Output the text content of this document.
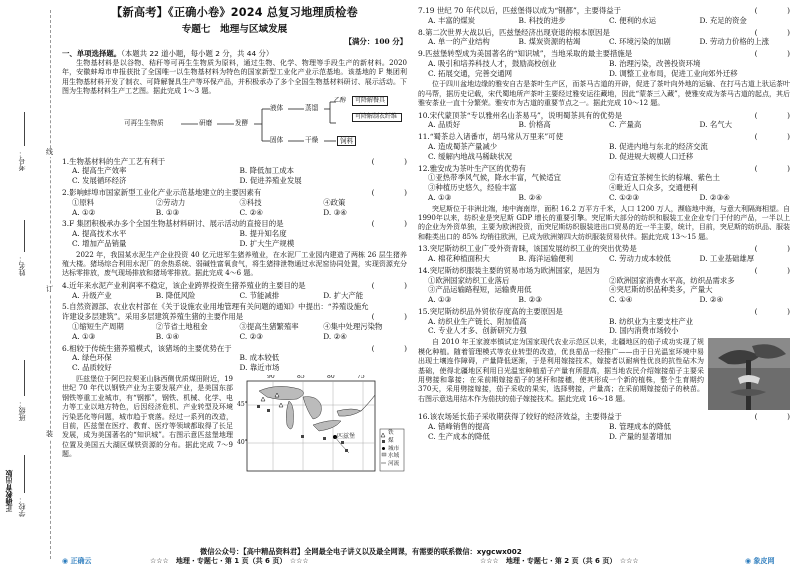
考号：
姓名：
班级：
学校：
正确教育出版
线
订
装
【新高考】《正确小卷》2024 总复习地理质检卷
专题七　地理与区域发展
【满分：100 分】
一、单项选择题。（本题共 22 道小题，每小题 2 分，共 44 分）
生物基材料是以谷物、秸秆等可再生生物质为原料，通过生物、化学、物理等手段生产的新材料。2020 年，安徽蚌埠市申报获批了全国唯一以生物基材料为特色的国家新型工业化产业示范基地。该基地的 F 集团利用生物基材料开发了制衣、可降解餐具生产等环保产品，并积极承办了多个全国生物基材料研讨、展示活动。下图为生物基材料生产工艺图。据此完成 1～3 题。
可再生生物质	研磨	发酵
液体	蒸馏
固体	干燥	饲料
乙醇	可降解餐具
可降解制衣纤维
1.生物基材料的生产工艺有利于	(　　　　)
A. 提高生产效率	B. 降低加工成本
C. 发展循环经济	D. 促进养殖业发展
2.影响蚌埠市国家新型工业化产业示范基地建立的主要因素有	(　　　　)
①原料	②劳动力	③科技	④政策
A. ①②	B. ①③	C. ②④	D. ③④
3.F 集团积极承办多个全国生物基材料研讨、展示活动的直接目的是	(　　　　)
A. 提高技术水平	B. 提升知名度
C. 增加产品销量	D. 扩大生产规模
2022 年，我国某水泥生产企业投资 40 亿元进军生猪养殖业，在水泥厂工业园内建造了两栋 26 层生猪养殖大楼。猪场综合利用水泥厂的余热系统、弱碱性富氧食气，将生猪排泄物通过水泥窑协同处置，实现资源充分达标零排放，废气现场排放和猪场零排放。据此完成 4～6 题。
4.近年来水泥产业利润率不稳定，该企业跨界投资生猪养殖业的主要目的是	(　　　　)
A. 升级产业	B. 降低风险	C. 节能减排	D. 扩大产能
5.自然资源部、农业农村部在《关于设施农业用地管理有关问题的通知》中提出：“养殖设施允许建设多层建筑”。采用多层建筑养殖生猪的主要作用是	(　　　　)
①缩短生产周期	②节省土地租金	③提高生猪繁殖率	④集中处理污染物
A. ①③	B. ①④	C. ②③	D. ②④
6.相较于传统生猪养殖模式，该猪场的主要优势在于	(　　　　)
A. 绿色环保	B. 成本较低
C. 品质较好	D. 靠近市场
90°	85°	80°	75°
45°
40°
匹兹堡	铁
煤
城市
水域
河流
匹兹堡位于阿巴拉契亚山脉西侧优质煤田附近，19 世纪 70 年代以钢铁产业为主要发展产业，是美国东部钢铁等重工业城市，有“钢都”，钢铁、机械、化学、电力等工业以地方特色，后因经济危机、产业转型及环境污染恶化等问题，城市趋于衰落。经过一系列的改造，目前，匹兹堡在医疗、教育、医疗等领域都取得了长足发展，成为美国著名的“知识城”。右图示意匹兹堡地理位置及美国五大湖区煤铁资源的分布。据此完成 7～9 题。
7.19 世纪 70 年代以后，匹兹堡得以成为“钢都”，主要得益于	(　　　　)
A. 丰富的煤炭	B. 科技的进步	C. 便利的水运	D. 充足的资金
8.第二次世界大战以后，匹兹堡经济出现衰退的根本原因是	(　　　　)
A. 单一的产业结构	B. 煤炭资源的枯竭	C. 环境污染的加剧	D. 劳动力价格的上涨
9.匹兹堡转型成为美国著名的“知识城”，当地采取的最主要措施是	(　　　　)
A. 吸引和培养科技人才，鼓励高校创业	B. 治理污染，改善投资环境
C. 拓展交通，完善交通网	D. 调整工业布局，促进工业向郊外迁移
位于四川盆地边缘的雅安自古是茶叶生产区，而茶马古道的开辟，促进了茶叶向外地的运输、在打马古道上驮运茶叶的马帮，据历史记载，宋代蜀地所产茶叶主要经过雅安运往藏地，因此“蒙茶三入藏”，使雅安成为茶马古道的起点，其后雅安茶业一直十分繁荣。雅安市为古道的重要节点之一。据此完成 10～12 题。
10.宋代蒙顶茶“专以雅州名山茶易马”，说明蜀茶具有的优势是	(　　　　)
A. 品质好	B. 价格高	C. 产量高	D. 名气大
11.“蜀茶总入诸番市，胡马常从万里来”可使	(　　　　)
A. 造成蜀茶产量减少	B. 促进内地与东北的经济交流
C. 缓解内地战马稀缺状况	D. 促进规大规模人口迁移
12.雅安成为茶叶生产区的优势有	(　　　　)
①亚热带季风气候，降水丰富，气候适宜	②有适宜茶树生长的棕壤、紫色土
③种植历史悠久，经验丰富	④毗近人口众多，交通便利
A. ①③	B. ②④	C. ①②③	D. ②③④
突尼斯位于非洲北端，地中海南岸，面积 16.2 万平方千米，人口 1200 万人，濒临地中海，与意大利隔海相望。自1990年以来，纺织业是突尼斯 GDP 增长的重要引擎。突尼斯大部分的纺织和服装工业企业专门于付的产品，一半以上的企业为外资单独，主要为欧洲投资，而突尼斯纺织服装进出口贸易的近一半主要，统计，目前，突尼斯的纺织品、服装和鞋类出口的 85% 均销往欧洲，已成为欧洲第四大纺织服装贸易伙伴。据此完成 13～15 题。
13.突尼斯纺织工业广受外资青睐，该国发展纺织工业的突出优势是	(　　　　)
A. 棉花种植面积大	B. 海洋运输便利	C. 劳动力成本较低	D. 工业基础雄厚
14.突尼斯纺织服装主要的贸易市场为欧洲国家，是因为	(　　　　)
①欧洲国家纺织工业落后	②欧洲国家消费水平高，纺织品需求多
③产品运输路程短，运输费用低	④突尼斯纺织品种类多，产量大
A. ①③	B. ②③	C. ①④	D. ②④
15.突尼斯纺织品外贸依存度高的主要原因是	(　　　　)
A. 纺织业生产链长、附加值高	B. 纺织业为主要支柱产业
C. 专业人才多、创新研究力强	D. 国内消费市场较小
自 2010 年王家渡率镇试定为国家现代农业示范区以来，北疆地区的茄子成功实现了规模化种植。随着管理模式等农业转型的改造，优良茄品一经推广——由于日光温室环境中易出现土壤连作障碍，产量降低逐渐，于是利用嫁接技术，嫁接者以耐病性优良的抗性砧木为基础，使得北疆地区利用日光温室种植茄子产量有所提高，据当地农民介绍嫁接茄子主要采用劈接和靠接；在采前期嫁接茄子的茎秆和接穗，使其形成一个新的植株，整个生育期约370天，采用劈接嫁接，茄子采收的果实，选择劈接，产量高；在采前期嫁接茄子的秧苗。右图示意选用结木作为茄扶的茄子嫁接技术。据此完成 16～18 题。
16.该农场延长茄子采收期获得了较好的经济效益，主要得益于	(　　　　)
A. 错峰销售的提高	B. 管理成本的降低
C. 生产成本的降低	D. 产量的显著增加
微信公众号：【高中精品资料君】全网最全电子讲义以及最全网课，有需要的联系微信：xygcwx002
☆☆☆　地理・专题七・第 1 页（共 6 页）　☆☆☆	☆☆☆　地理・专题七・第 2 页（共 6 页）　☆☆☆
◉ 正确云	◉ 象皮网
